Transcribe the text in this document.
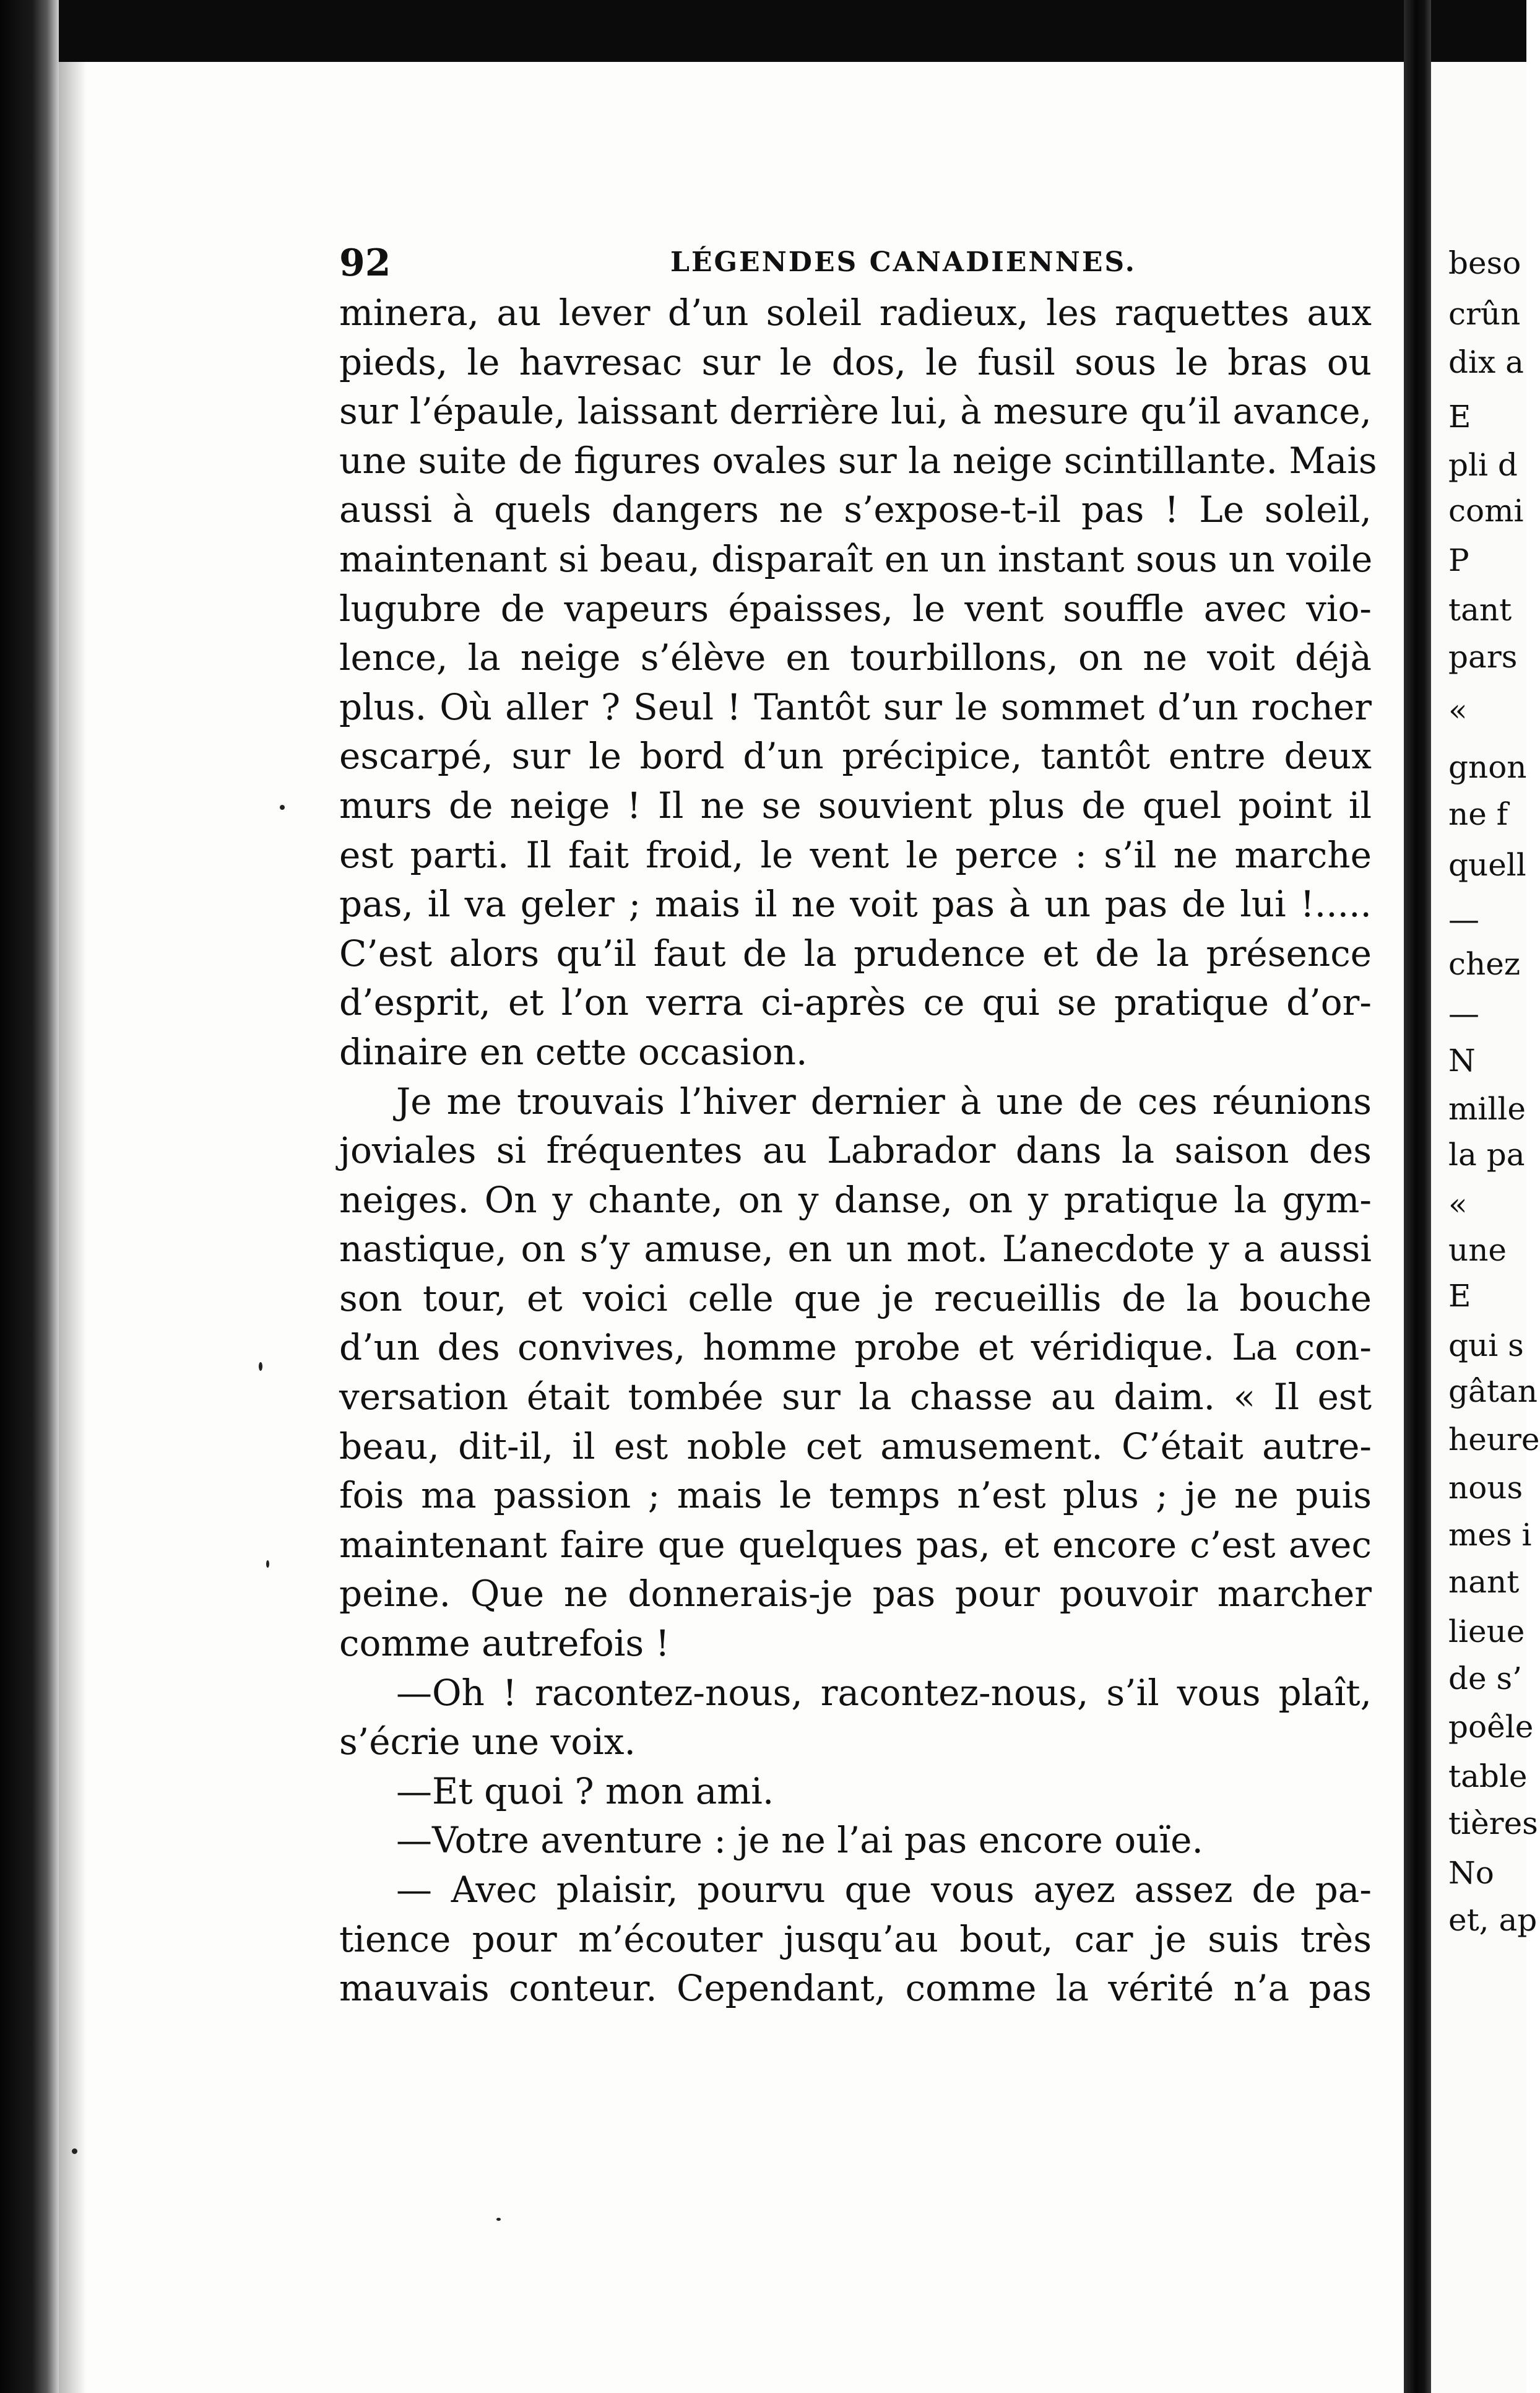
92	LÉGENDES CANADIENNES.
minera, au lever d’un soleil radieux, les raquettes aux
pieds, le havresac sur le dos, le fusil sous le bras ou
sur l’épaule, laissant derrière lui, à mesure qu’il avance,
une suite de figures ovales sur la neige scintillante. Mais
aussi à quels dangers ne s’expose-t-il pas ! Le soleil,
maintenant si beau, disparaît en un instant sous un voile
lugubre de vapeurs épaisses, le vent souffle avec vio-
lence, la neige s’élève en tourbillons, on ne voit déjà
plus. Où aller ? Seul ! Tantôt sur le sommet d’un rocher
escarpé, sur le bord d’un précipice, tantôt entre deux
murs de neige ! Il ne se souvient plus de quel point il
est parti. Il fait froid, le vent le perce : s’il ne marche
pas, il va geler ; mais il ne voit pas à un pas de lui !.....
C’est alors qu’il faut de la prudence et de la présence
d’esprit, et l’on verra ci-après ce qui se pratique d’or-
dinaire en cette occasion.
Je me trouvais l’hiver dernier à une de ces réunions
joviales si fréquentes au Labrador dans la saison des
neiges. On y chante, on y danse, on y pratique la gym-
nastique, on s’y amuse, en un mot. L’anecdote y a aussi
son tour, et voici celle que je recueillis de la bouche
d’un des convives, homme probe et véridique. La con-
versation était tombée sur la chasse au daim. « Il est
beau, dit-il, il est noble cet amusement. C’était autre-
fois ma passion ; mais le temps n’est plus ; je ne puis
maintenant faire que quelques pas, et encore c’est avec
peine. Que ne donnerais-je pas pour pouvoir marcher
comme autrefois !
—Oh ! racontez-nous, racontez-nous, s’il vous plaît,
s’écrie une voix.
—Et quoi ? mon ami.
—Votre aventure : je ne l’ai pas encore ouïe.
— Avec plaisir, pourvu que vous ayez assez de pa-
tience pour m’écouter jusqu’au bout, car je suis très
mauvais conteur. Cependant, comme la vérité n’a pas
beso
crûn
dix a
E
pli d
comi
P
tant
pars
«
gnon
ne f
quell
—
chez
—
N
mille
la pa
«
une
E
qui s
gâtan
heure
nous
mes i
nant
lieue
de s’
poêle
table
tières
No
et, ap
